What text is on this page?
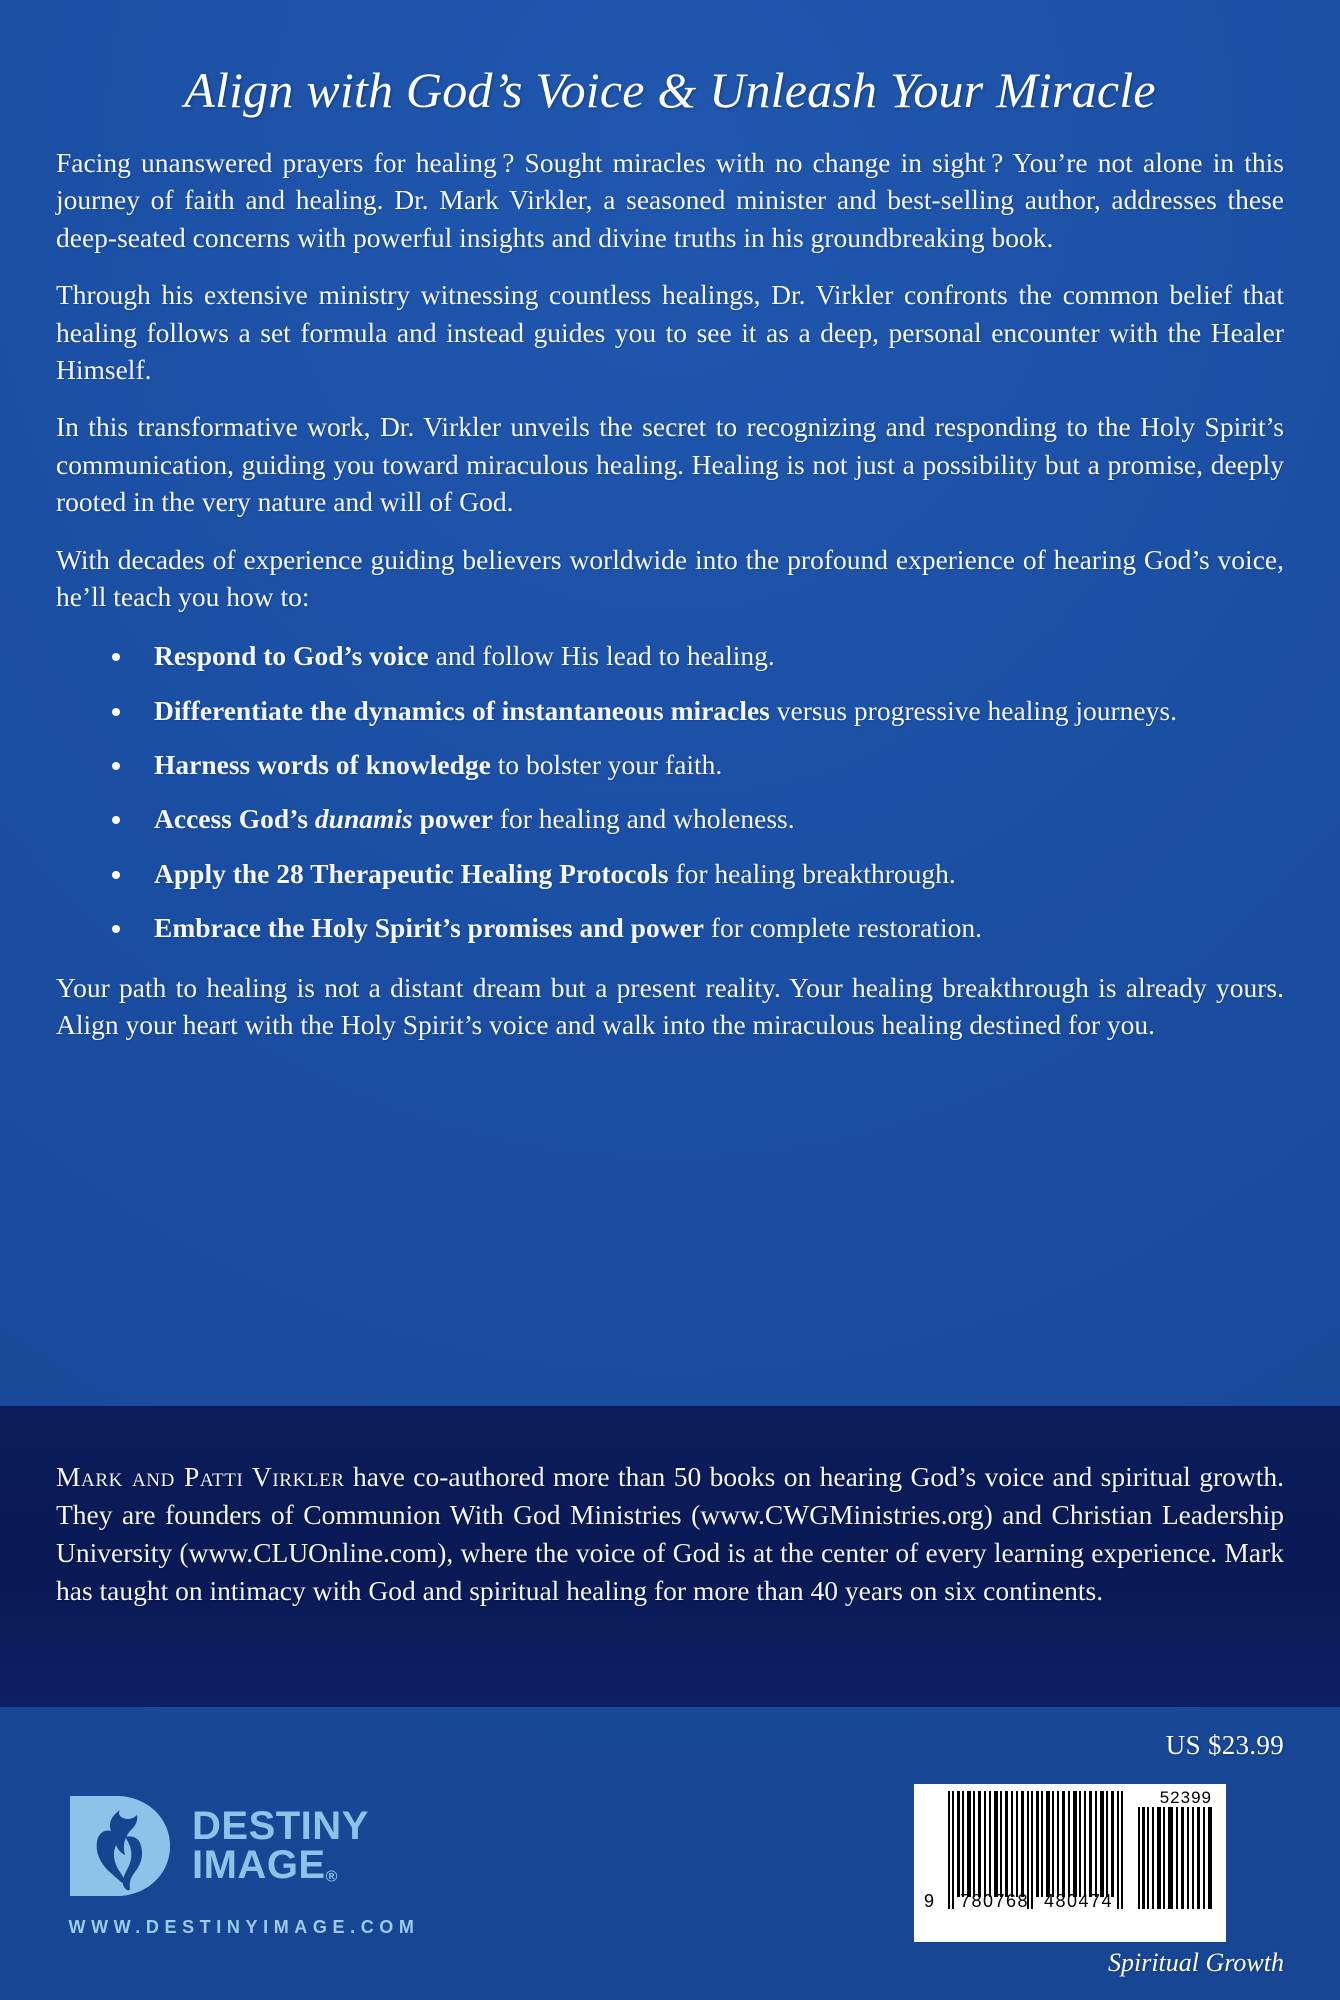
Align with God’s Voice & Unleash Your Miracle

Facing unanswered prayers for healing ? Sought miracles with no change in sight ? You’re not alone in this journey of faith and healing. Dr. Mark Virkler, a seasoned minister and best-selling author, addresses these deep-seated concerns with powerful insights and divine truths in his groundbreaking book.

Through his extensive ministry witnessing countless healings, Dr. Virkler confronts the common belief that healing follows a set formula and instead guides you to see it as a deep, personal encounter with the Healer Himself.

In this transformative work, Dr. Virkler unveils the secret to recognizing and responding to the Holy Spirit’s communication, guiding you toward miraculous healing. Healing is not just a possibility but a promise, deeply rooted in the very nature and will of God.

With decades of experience guiding believers worldwide into the profound experience of hearing God’s voice, he’ll teach you how to:

Respond to God’s voice and follow His lead to healing.
Differentiate the dynamics of instantaneous miracles versus progressive healing journeys.
Harness words of knowledge to bolster your faith.
Access God’s dunamis power for healing and wholeness.
Apply the 28 Therapeutic Healing Protocols for healing breakthrough.
Embrace the Holy Spirit’s promises and power for complete restoration.

Your path to healing is not a distant dream but a present reality. Your healing breakthrough is already yours. Align your heart with the Holy Spirit’s voice and walk into the miraculous healing destined for you.

Mark and Patti Virkler have co-authored more than 50 books on hearing God’s voice and spiritual growth. They are founders of Communion With God Ministries (www.CWGMinistries.org) and Christian Leadership University (www.CLUOnline.com), where the voice of God is at the center of every learning experience. Mark has taught on intimacy with God and spiritual healing for more than 40 years on six continents.
US $23.99
DESTINY
IMAGE®
WWW.DESTINYIMAGE.COM
52399
9 780768 480474
Spiritual Growth
